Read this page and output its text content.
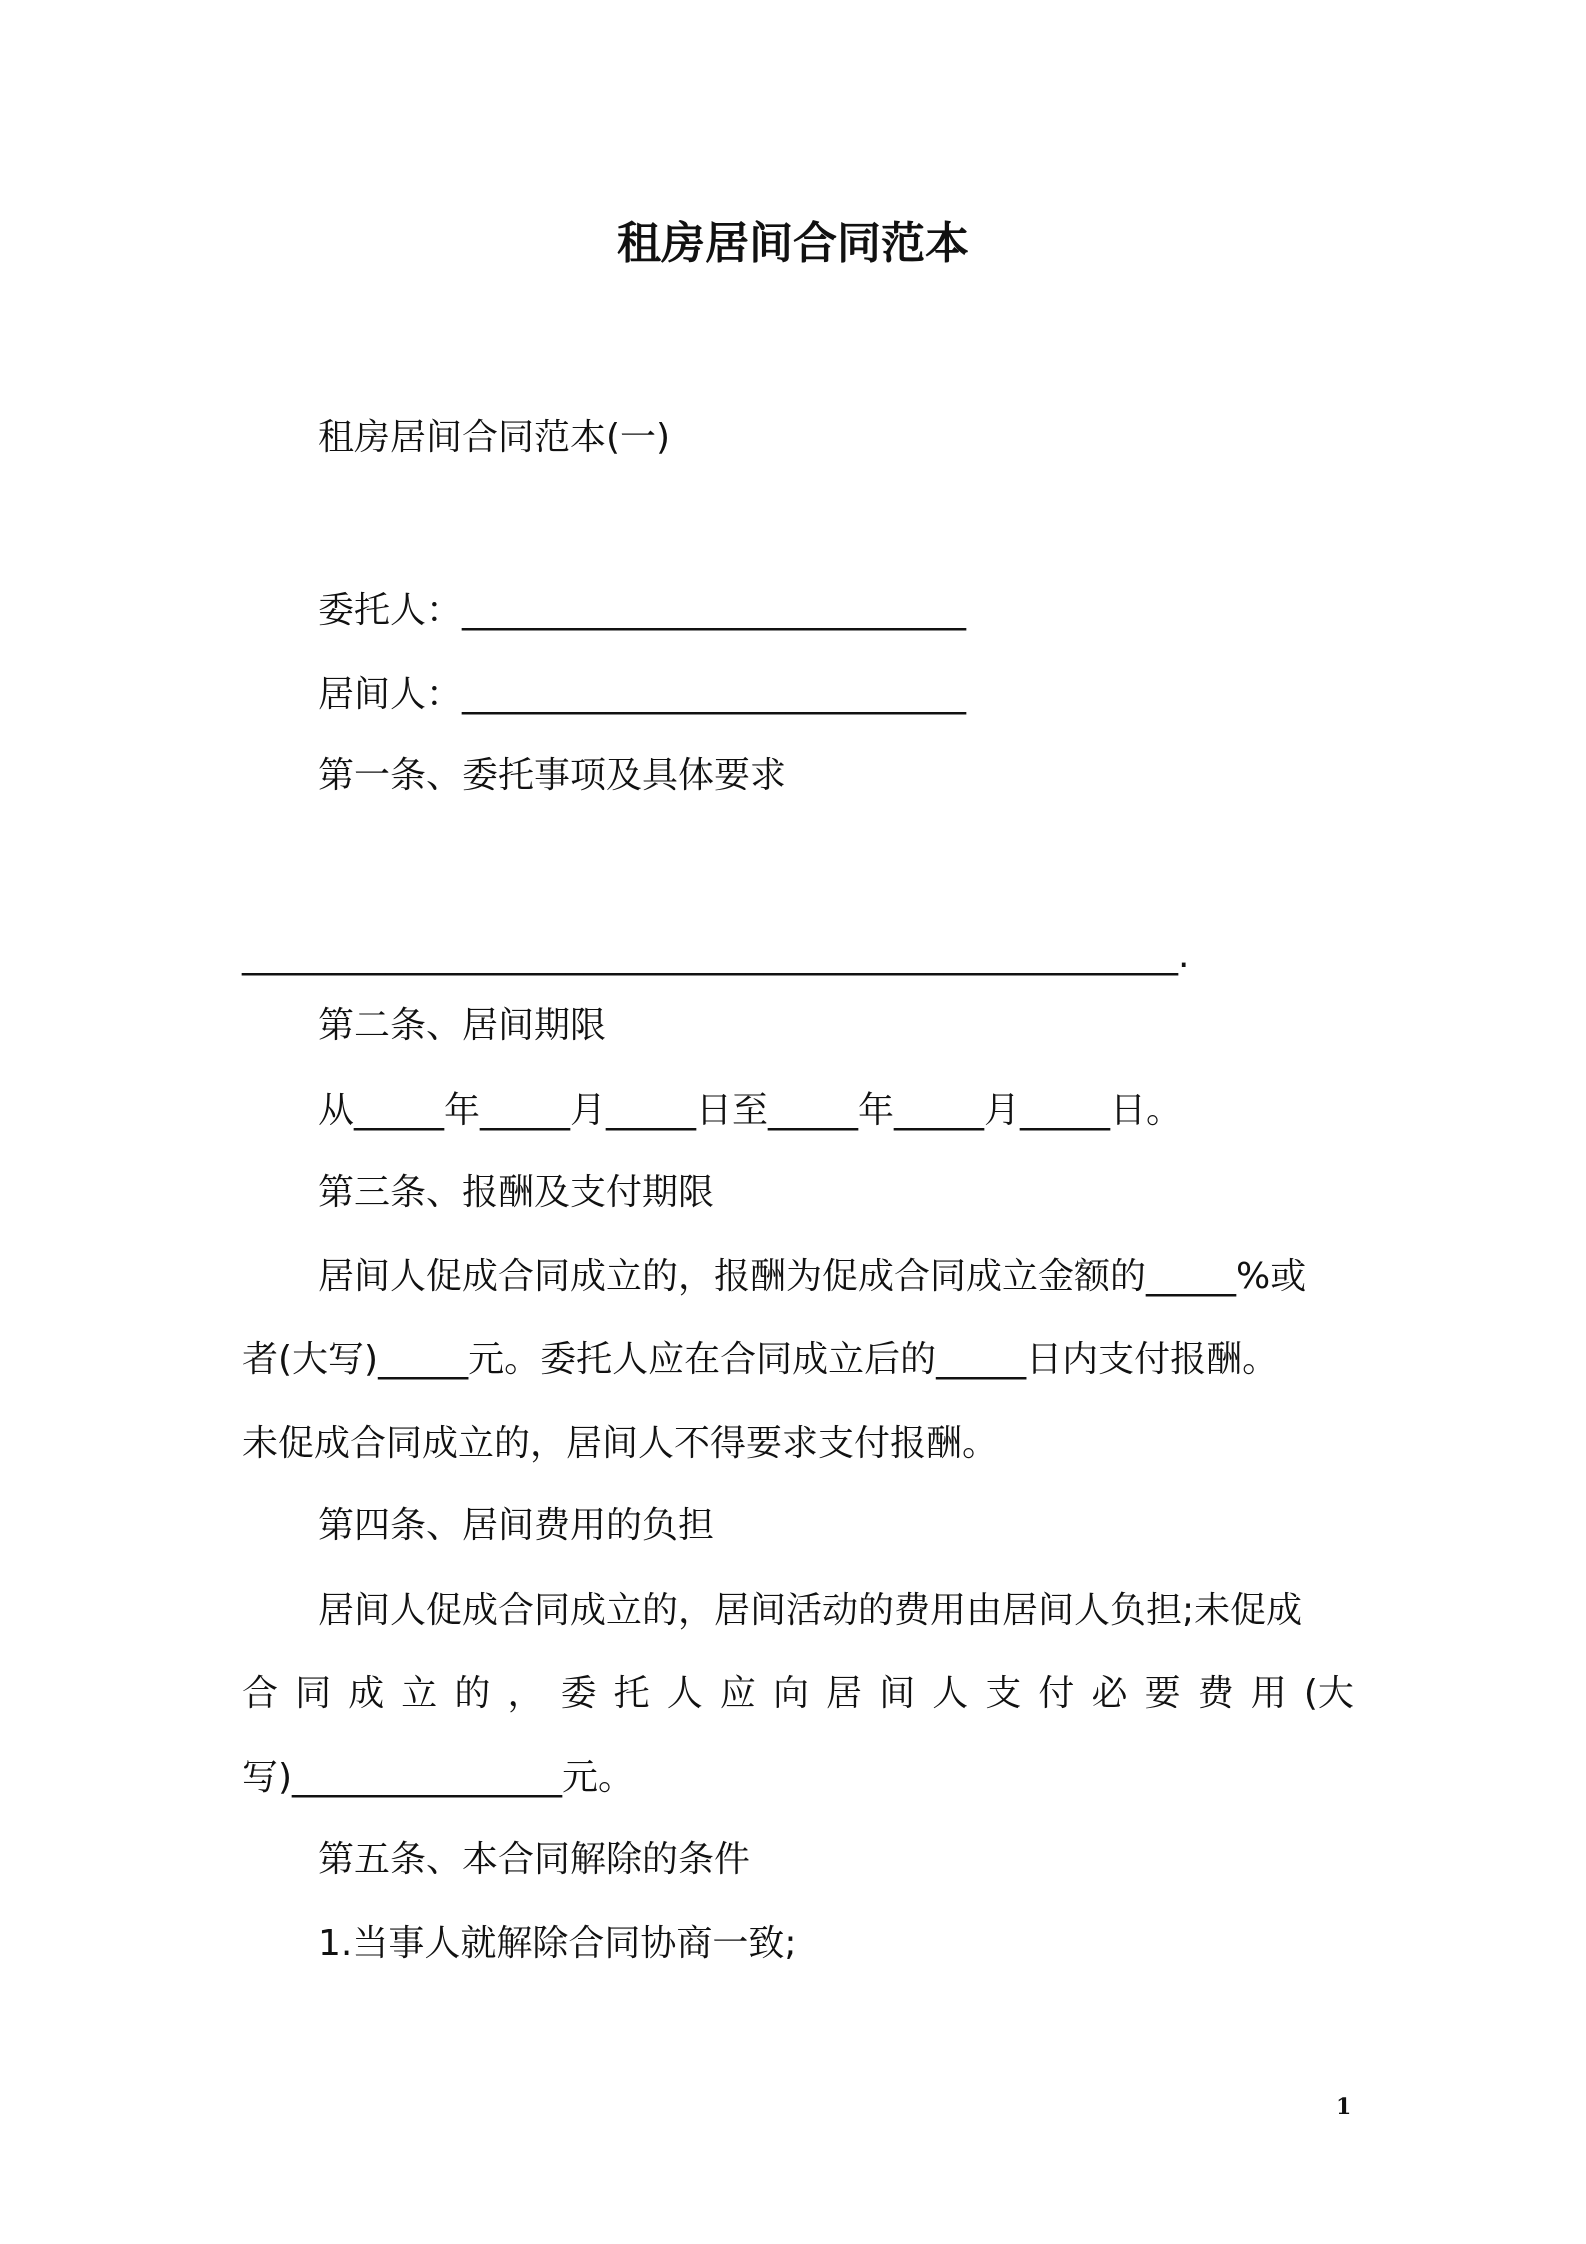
租房居间合同范本
租房居间合同范本(一)
委托人：____________________________
居间人：____________________________
第一条、委托事项及具体要求
____________________________________________________.
第二条、居间期限
从_____年_____月_____日至_____年_____月_____日。
第三条、报酬及支付期限
居间人促成合同成立的，报酬为促成合同成立金额的_____%或
者(大写)_____元。委托人应在合同成立后的_____日内支付报酬。
未促成合同成立的，居间人不得要求支付报酬。
第四条、居间费用的负担
居间人促成合同成立的，居间活动的费用由居间人负担;未促成
合 同 成 立 的 ， 委 托 人 应 向 居 间 人 支 付 必 要 费 用 (大
写)_______________元。
第五条、本合同解除的条件
1.当事人就解除合同协商一致;
1
